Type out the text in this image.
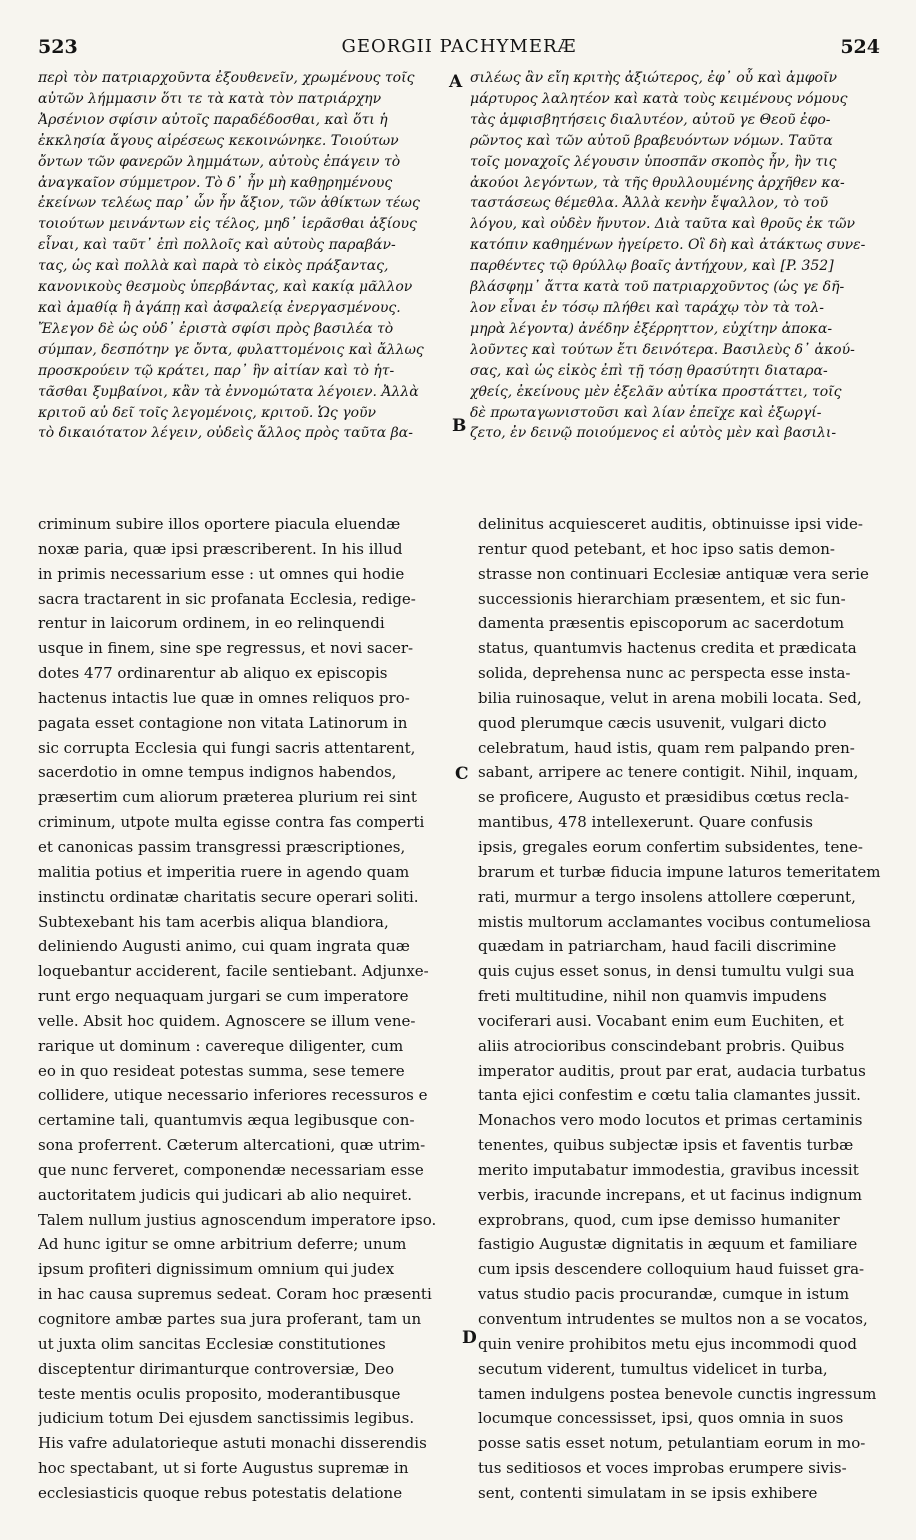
523	GEORGII PACHYMERÆ	524
περὶ τὸν πατριαρχοῦντα ἐξουθενεῖν, χρωμένους τοῖς
αὐτῶν λήμμασιν ὅτι τε τὰ κατὰ τὸν πατριάρχην
Ἀρσένιον σφίσιν αὐτοῖς παραδέδοσθαι, καὶ ὅτι ἡ
ἐκκλησία ἄγους αἱρέσεως κεκοινώνηκε. Τοιούτων
ὄντων τῶν φανερῶν λημμάτων, αὐτοὺς ἐπάγειν τὸ
ἀναγκαῖον σύμμετρον. Τὸ δ᾿ ἦν μὴ καθῃρημένους
ἐκείνων τελέως παρ᾿ ὧν ἦν ἄξιον, τῶν ἀθίκτων τέως
τοιούτων μεινάντων εἰς τέλος, μηδ᾿ ἱερᾶσθαι ἀξίους
εἶναι, καὶ ταῦτ᾿ ἐπὶ πολλοῖς καὶ αὐτοὺς παραβάν-
τας, ὡς καὶ πολλὰ καὶ παρὰ τὸ εἰκὸς πράξαντας,
κανονικοὺς θεσμοὺς ὑπερβάντας, καὶ κακίᾳ μᾶλλον
καὶ ἀμαθίᾳ ἢ ἀγάπῃ καὶ ἀσφαλείᾳ ἐνεργασμένους.
Ἔλεγον δὲ ὡς οὐδ᾿ ἐριστὰ σφίσι πρὸς βασιλέα τὸ
σύμπαν, δεσπότην γε ὄντα, φυλαττομένοις καὶ ἄλλως
προσκρούειν τῷ κράτει, παρ᾿ ἣν αἰτίαν καὶ τὸ ἡτ-
τᾶσθαι ξυμβαίνοι, κἂν τὰ ἐννομώτατα λέγοιεν. Ἀλλὰ
κριτοῦ αὐ δεῖ τοῖς λεγομένοις, κριτοῦ. Ὡς γοῦν
τὸ δικαιότατον λέγειν, οὐδεὶς ἄλλος πρὸς ταῦτα βα-
σιλέως ἂν εἴη κριτὴς ἀξιώτερος, ἐφ᾿ οὗ καὶ ἀμφοῖν
μάρτυρος λαλητέον καὶ κατὰ τοὺς κειμένους νόμους
τὰς ἀμφισβητήσεις διαλυτέον, αὐτοῦ γε Θεοῦ ἐφο-
ρῶντος καὶ τῶν αὐτοῦ βραβευόντων νόμων. Ταῦτα
τοῖς μοναχοῖς λέγουσιν ὑποσπᾶν σκοπὸς ἦν, ἢν τις
ἀκούοι λεγόντων, τὰ τῆς θρυλλουμένης ἀρχῆθεν κα-
ταστάσεως θέμεθλα. Ἀλλὰ κενὴν ἔψαλλον, τὸ τοῦ
λόγου, καὶ οὐδὲν ἤνυτον. Διὰ ταῦτα καὶ θροῦς ἐκ τῶν
κατόπιν καθημένων ἠγείρετο. Οἳ δὴ καὶ ἀτάκτως συνε-
παρθέντες τῷ θρύλλῳ βοαῖς ἀντήχουν, καὶ [P. 352]
βλάσφημ᾿ ἄττα κατὰ τοῦ πατριαρχοῦντος (ὡς γε δῆ-
λον εἶναι ἐν τόσῳ πλήθει καὶ ταράχῳ τὸν τὰ τολ-
μηρὰ λέγοντα) ἀνέδην ἐξέρρηττον, εὐχίτην ἀποκα-
λοῦντες καὶ τούτων ἔτι δεινότερα. Βασιλεὺς δ᾿ ἀκού-
σας, καὶ ὡς εἰκὸς ἐπὶ τῇ τόσῃ θρασύτητι διαταρα-
χθείς, ἐκείνους μὲν ἐξελᾶν αὐτίκα προστάττει, τοῖς
δὲ πρωταγωνιστοῦσι καὶ λίαν ἐπεῖχε καὶ ἐξωργί-
ζετο, ἐν δεινῷ ποιούμενος εἰ αὐτὸς μὲν καὶ βασιλι-
criminum subire illos oportere piacula eluendæ
noxæ paria, quæ ipsi præscriberent. In his illud
in primis necessarium esse : ut omnes qui hodie
sacra tractarent in sic profanata Ecclesia, redige-
rentur in laicorum ordinem, in eo relinquendi
usque in finem, sine spe regressus, et novi sacer-
dotes 477 ordinarentur ab aliquo ex episcopis
hactenus intactis lue quæ in omnes reliquos pro-
pagata esset contagione non vitata Latinorum in
sic corrupta Ecclesia qui fungi sacris attentarent,
sacerdotio in omne tempus indignos habendos,
præsertim cum aliorum præterea plurium rei sint
criminum, utpote multa egisse contra fas comperti
et canonicas passim transgressi præscriptiones,
malitia potius et imperitia ruere in agendo quam
instinctu ordinatæ charitatis secure operari soliti.
Subtexebant his tam acerbis aliqua blandiora,
deliniendo Augusti animo, cui quam ingrata quæ
loquebantur acciderent, facile sentiebant. Adjunxe-
runt ergo nequaquam jurgari se cum imperatore
velle. Absit hoc quidem. Agnoscere se illum vene-
rarique ut dominum : cavereque diligenter, cum
eo in quo resideat potestas summa, sese temere
collidere, utique necessario inferiores recessuros e
certamine tali, quantumvis æqua legibusque con-
sona proferrent. Cæterum altercationi, quæ utrim-
que nunc ferveret, componendæ necessariam esse
auctoritatem judicis qui judicari ab alio nequiret.
Talem nullum justius agnoscendum imperatore ipso.
Ad hunc igitur se omne arbitrium deferre; unum
ipsum profiteri dignissimum omnium qui judex
in hac causa supremus sedeat. Coram hoc præsenti
cognitore ambæ partes sua jura proferant, tam un
ut juxta olim sancitas Ecclesiæ constitutiones
disceptentur dirimanturque controversiæ, Deo
teste mentis oculis proposito, moderantibusque
judicium totum Dei ejusdem sanctissimis legibus.
His vafre adulatorieque astuti monachi disserendis
hoc spectabant, ut si forte Augustus supremæ in
ecclesiasticis quoque rebus potestatis delatione
delinitus acquiesceret auditis, obtinuisse ipsi vide-
rentur quod petebant, et hoc ipso satis demon-
strasse non continuari Ecclesiæ antiquæ vera serie
successionis hierarchiam præsentem, et sic fun-
damenta præsentis episcoporum ac sacerdotum
status, quantumvis hactenus credita et prædicata
solida, deprehensa nunc ac perspecta esse insta-
bilia ruinosaque, velut in arena mobili locata. Sed,
quod plerumque cæcis usuvenit, vulgari dicto
celebratum, haud istis, quam rem palpando pren-
sabant, arripere ac tenere contigit. Nihil, inquam,
se proficere, Augusto et præsidibus cœtus recla-
mantibus, 478 intellexerunt. Quare confusis
ipsis, gregales eorum confertim subsidentes, tene-
brarum et turbæ fiducia impune laturos temeritatem
rati, murmur a tergo insolens attollere cœperunt,
mistis multorum acclamantes vocibus contumeliosa
quædam in patriarcham, haud facili discrimine
quis cujus esset sonus, in densi tumultu vulgi sua
freti multitudine, nihil non quamvis impudens
vociferari ausi. Vocabant enim eum Euchiten, et
aliis atrocioribus conscindebant probris. Quibus
imperator auditis, prout par erat, audacia turbatus
tanta ejici confestim e cœtu talia clamantes jussit.
Monachos vero modo locutos et primas certaminis
tenentes, quibus subjectæ ipsis et faventis turbæ
merito imputabatur immodestia, gravibus incessit
verbis, iracunde increpans, et ut facinus indignum
exprobrans, quod, cum ipse demisso humaniter
fastigio Augustæ dignitatis in æquum et familiare
cum ipsis descendere colloquium haud fuisset gra-
vatus studio pacis procurandæ, cumque in istum
conventum intrudentes se multos non a se vocatos,
quin venire prohibitos metu ejus incommodi quod
secutum viderent, tumultus videlicet in turba,
tamen indulgens postea benevole cunctis ingressum
locumque concessisset, ipsi, quos omnia in suos
posse satis esset notum, petulantiam eorum in mo-
tus seditiosos et voces improbas erumpere sivis-
sent, contenti simulatam in se ipsis exhibere
A
B
C
D
